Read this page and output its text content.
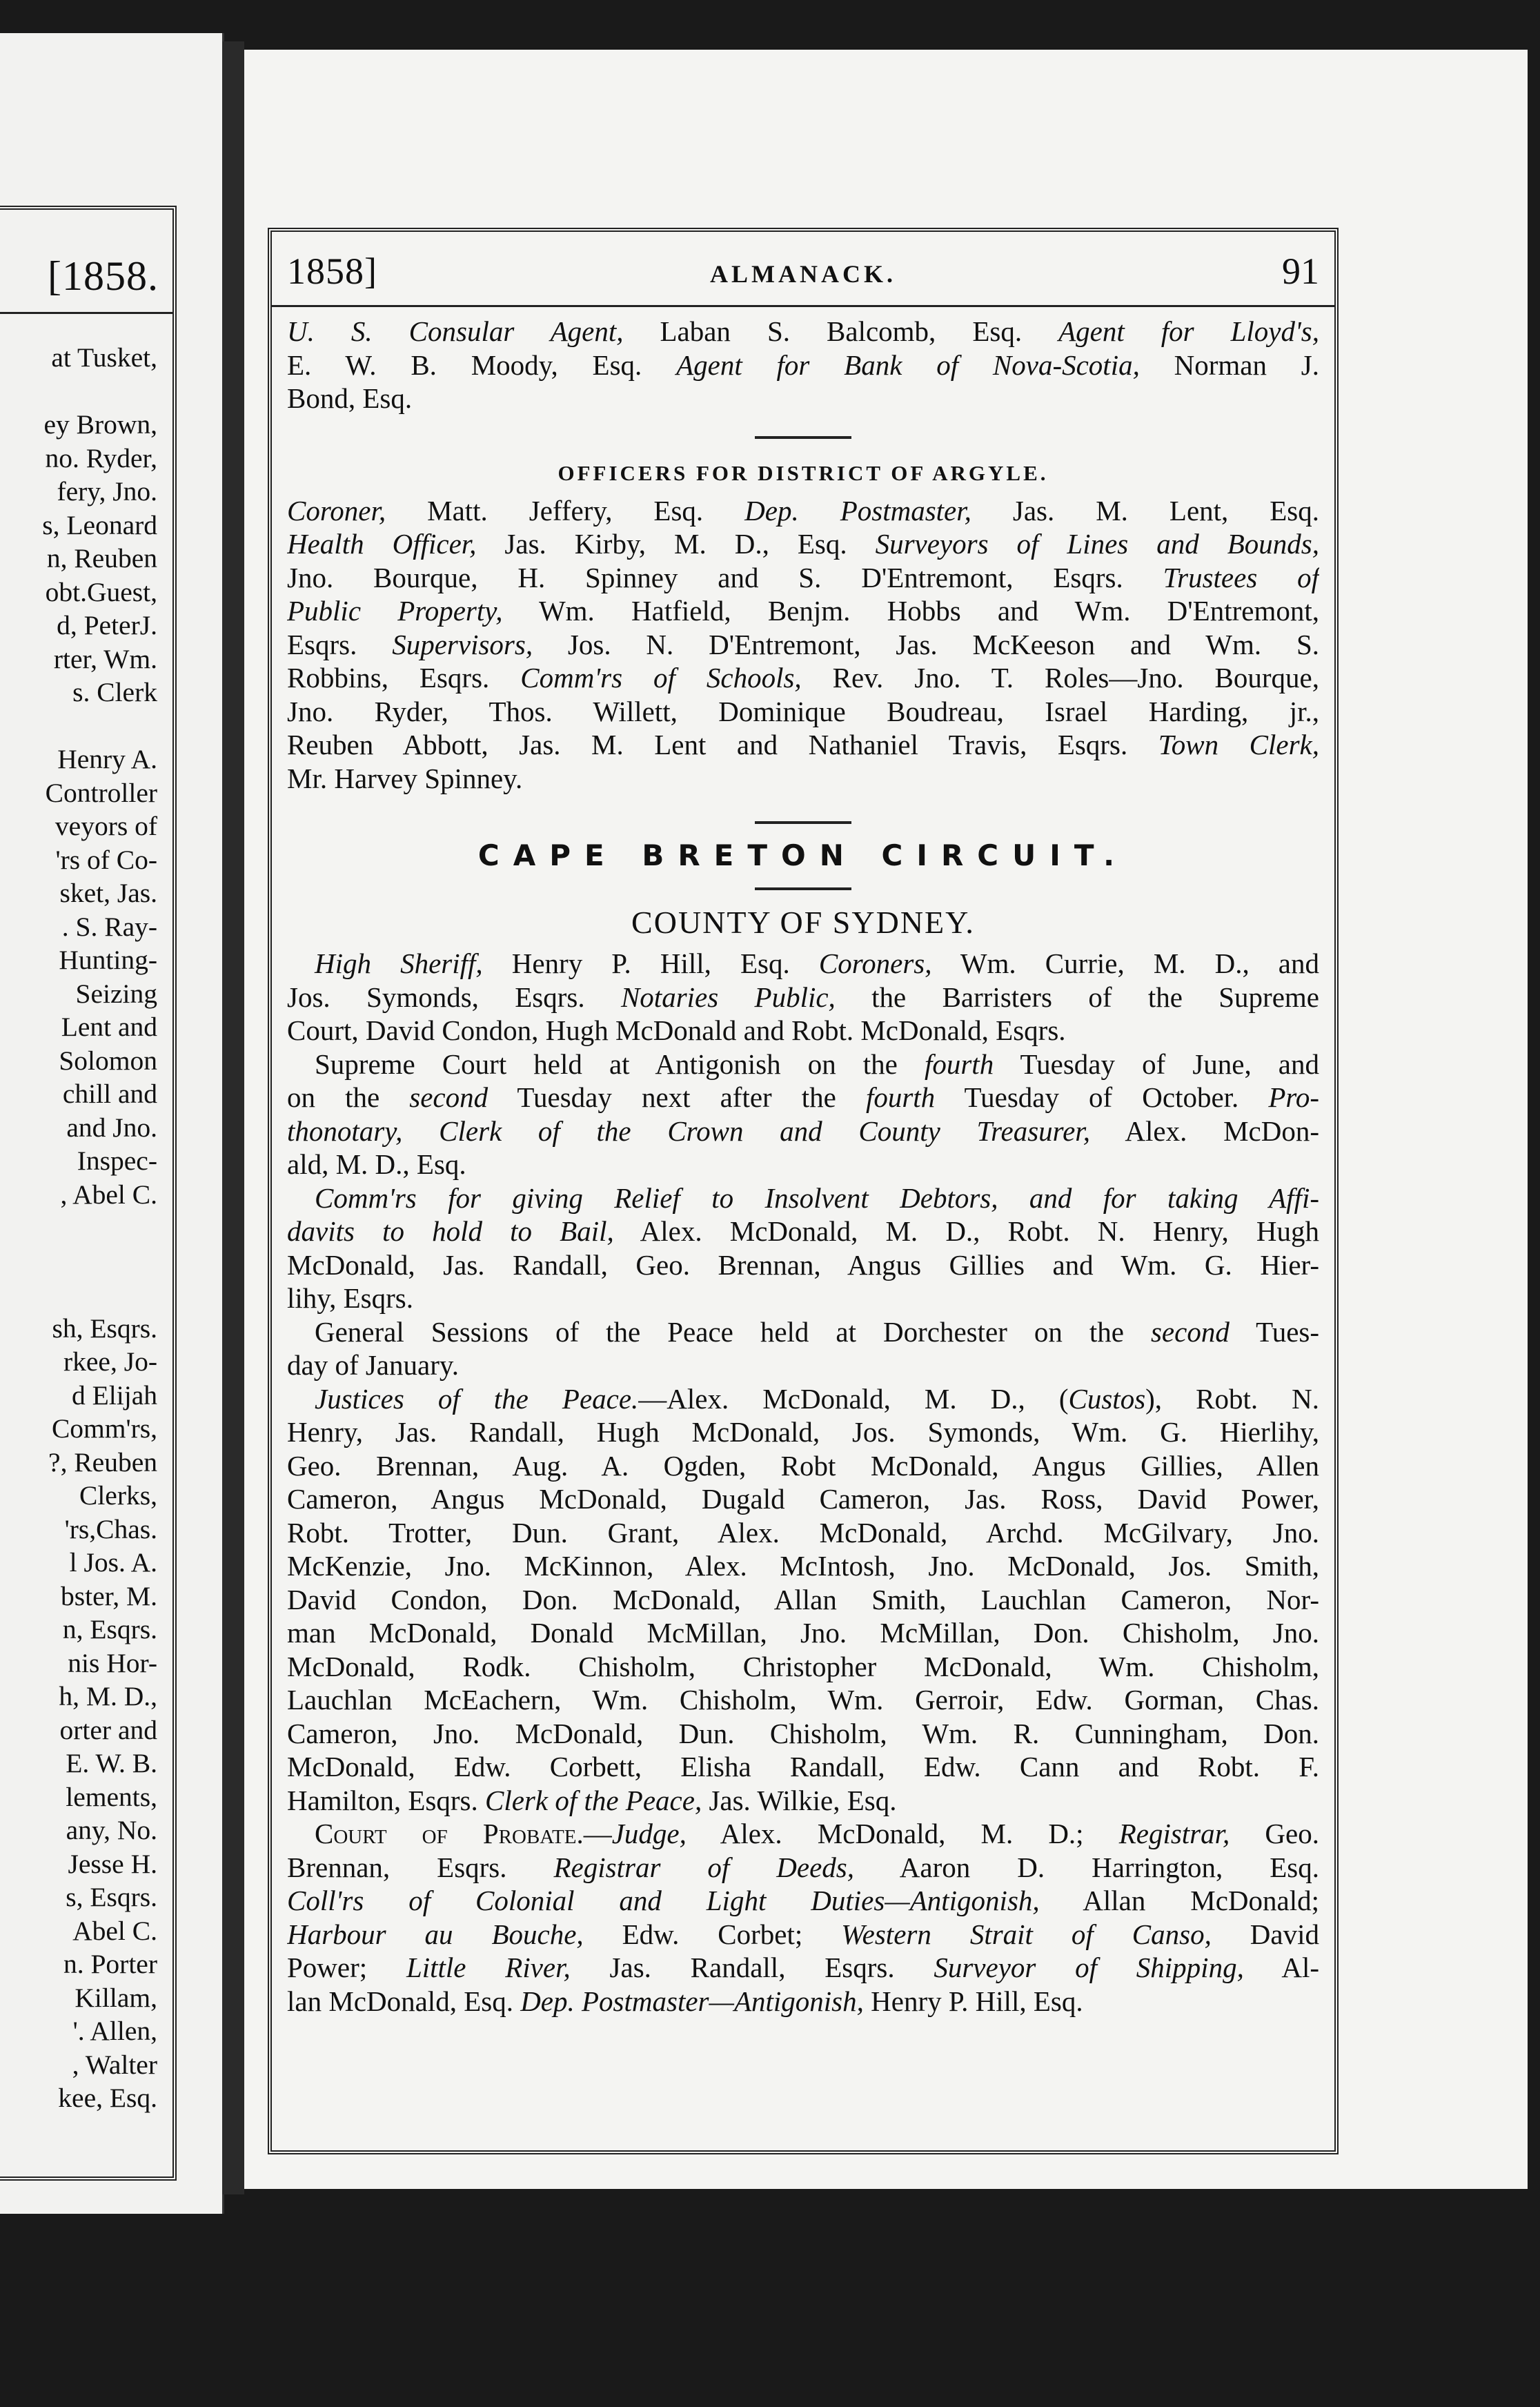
[1858.
at Tusket,
ey Brown,
no. Ryder,
fery, Jno.
s, Leonard
n, Reuben
obt.Guest,
d, PeterJ.
rter, Wm.
s. Clerk
Henry A.
Controller
veyors of
'rs of Co-
sket, Jas.
. S. Ray-
Hunting-
Seizing
Lent and
Solomon
chill and
and Jno.
Inspec-
, Abel C.
sh, Esqrs.
rkee, Jo-
d Elijah
Comm'rs,
?, Reuben
Clerks,
'rs,Chas.
l Jos. A.
bster, M.
n, Esqrs.
nis Hor-
h, M. D.,
orter and
E. W. B.
lements,
any, No.
Jesse H.
s, Esqrs.
Abel C.
n. Porter
Killam,
'. Allen,
, Walter
kee, Esq.
1858]	ALMANACK.	91
U. S. Consular Agent, Laban S. Balcomb, Esq. Agent for Lloyd's,
E. W. B. Moody, Esq. Agent for Bank of Nova-Scotia, Norman J.
Bond, Esq.
OFFICERS FOR DISTRICT OF ARGYLE.
Coroner, Matt. Jeffery, Esq. Dep. Postmaster, Jas. M. Lent, Esq.
Health Officer, Jas. Kirby, M. D., Esq. Surveyors of Lines and Bounds,
Jno. Bourque, H. Spinney and S. D'Entremont, Esqrs. Trustees of
Public Property, Wm. Hatfield, Benjm. Hobbs and Wm. D'Entremont,
Esqrs. Supervisors, Jos. N. D'Entremont, Jas. McKeeson and Wm. S.
Robbins, Esqrs. Comm'rs of Schools, Rev. Jno. T. Roles—Jno. Bourque,
Jno. Ryder, Thos. Willett, Dominique Boudreau, Israel Harding, jr.,
Reuben Abbott, Jas. M. Lent and Nathaniel Travis, Esqrs. Town Clerk,
Mr. Harvey Spinney.
CAPE BRETON CIRCUIT.
COUNTY OF SYDNEY.
High Sheriff, Henry P. Hill, Esq. Coroners, Wm. Currie, M. D., and
Jos. Symonds, Esqrs. Notaries Public, the Barristers of the Supreme
Court, David Condon, Hugh McDonald and Robt. McDonald, Esqrs.
Supreme Court held at Antigonish on the fourth Tuesday of June, and
on the second Tuesday next after the fourth Tuesday of October. Pro-
thonotary, Clerk of the Crown and County Treasurer, Alex. McDon-
ald, M. D., Esq.
Comm'rs for giving Relief to Insolvent Debtors, and for taking Affi-
davits to hold to Bail, Alex. McDonald, M. D., Robt. N. Henry, Hugh
McDonald, Jas. Randall, Geo. Brennan, Angus Gillies and Wm. G. Hier-
lihy, Esqrs.
General Sessions of the Peace held at Dorchester on the second Tues-
day of January.
Justices of the Peace.—Alex. McDonald, M. D., (Custos), Robt. N.
Henry, Jas. Randall, Hugh McDonald, Jos. Symonds, Wm. G. Hierlihy,
Geo. Brennan, Aug. A. Ogden, Robt McDonald, Angus Gillies, Allen
Cameron, Angus McDonald, Dugald Cameron, Jas. Ross, David Power,
Robt. Trotter, Dun. Grant, Alex. McDonald, Archd. McGilvary, Jno.
McKenzie, Jno. McKinnon, Alex. McIntosh, Jno. McDonald, Jos. Smith,
David Condon, Don. McDonald, Allan Smith, Lauchlan Cameron, Nor-
man McDonald, Donald McMillan, Jno. McMillan, Don. Chisholm, Jno.
McDonald, Rodk. Chisholm, Christopher McDonald, Wm. Chisholm,
Lauchlan McEachern, Wm. Chisholm, Wm. Gerroir, Edw. Gorman, Chas.
Cameron, Jno. McDonald, Dun. Chisholm, Wm. R. Cunningham, Don.
McDonald, Edw. Corbett, Elisha Randall, Edw. Cann and Robt. F.
Hamilton, Esqrs. Clerk of the Peace, Jas. Wilkie, Esq.
Court of Probate.—Judge, Alex. McDonald, M. D.; Registrar, Geo.
Brennan, Esqrs. Registrar of Deeds, Aaron D. Harrington, Esq.
Coll'rs of Colonial and Light Duties—Antigonish, Allan McDonald;
Harbour au Bouche, Edw. Corbet; Western Strait of Canso, David
Power; Little River, Jas. Randall, Esqrs. Surveyor of Shipping, Al-
lan McDonald, Esq. Dep. Postmaster—Antigonish, Henry P. Hill, Esq.
